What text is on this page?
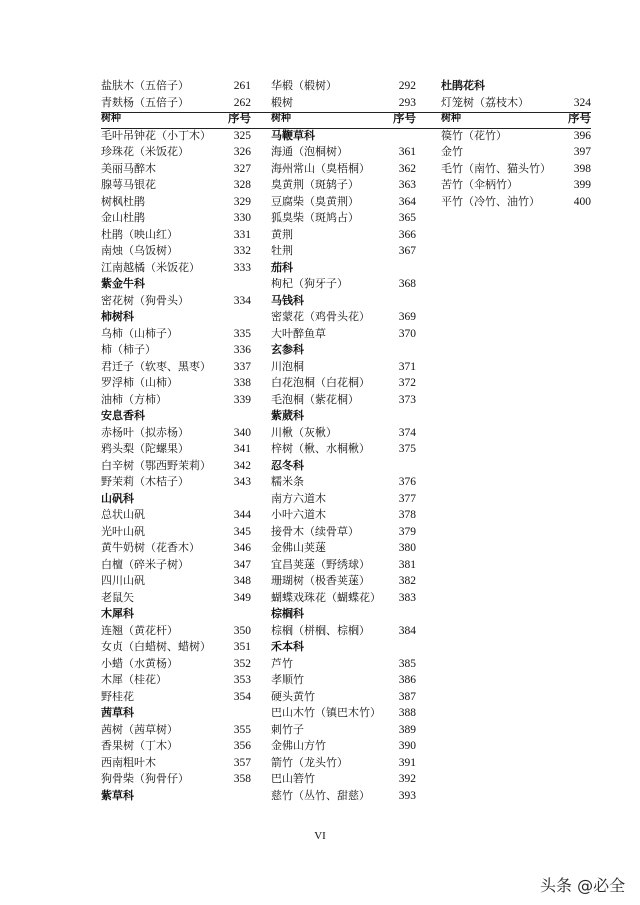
盐肤木（五倍子）	261
青麸杨（五倍子）	262
树种	序号
毛叶吊钟花（小丁木） 325
珍珠花（米饭花）	326
美丽马醉木	327
腺萼马银花	328
树枫杜鹃	329
金山杜鹃	330
杜鹃（映山红）	331
南烛（乌饭树）	332
江南越橘（米饭花）	333
紫金牛科
密花树（狗骨头）	334
柿树科
乌柿（山柿子）	335
柿（柿子）	336
君迁子（软枣、黑枣） 337
罗浮柿（山柿）	338
油柿（方柿）	339
安息香科
赤杨叶（拟赤杨）	340
鸦头梨（陀螺果）	341
白辛树（鄂西野茉莉） 342
野茉莉（木桔子）	343
山矾科
总状山矾	344
光叶山矾	345
黄牛奶树（花香木）	346
白檀（碎米子树）	347
四川山矾	348
老鼠矢	349
木犀科
连翘（黄花杆）	350
女贞（白蜡树、蜡树） 351
小蜡（水黄杨）	352
木犀（桂花）	353
野桂花	354
茜草科
茜树（茜草树）	355
香果树（丁木）	356
西南粗叶木	357
狗骨柴（狗骨仔）	358
紫草科
华椴（椴树）	292
椴树	293
树种	序号
马鞭草科
海通（泡桐树）	361
海州常山（臭梧桐）	362
臭黄荆（斑鸫子）	363
豆腐柴（臭黄荆）	364
狐臭柴（斑鸠占）	365
黄荆	366
牡荆	367
茄科
枸杞（狗牙子）	368
马钱科
密蒙花（鸡骨头花）	369
大叶醉鱼草	370
玄参科
川泡桐	371
白花泡桐（白花桐）	372
毛泡桐（紫花桐）	373
紫葳科
川楸（灰楸）	374
梓树（楸、水桐楸）	375
忍冬科
糯米条	376
南方六道木	377
小叶六道木	378
接骨木（续骨草）	379
金佛山荚蒾	380
宜昌荚蒾（野绣球）	381
珊瑚树（极香荚蒾）	382
蝴蝶戏珠花（蝴蝶花） 383
棕榈科
棕榈（栟榈、棕榈）	384
禾本科
芦竹	385
孝顺竹	386
硬头黄竹	387
巴山木竹（镇巴木竹） 388
刺竹子	389
金佛山方竹	390
箭竹（龙头竹）	391
巴山箬竹	392
慈竹（丛竹、甜慈）	393
杜鹃花科
灯笼树（荔枝木）	324
树种	序号
篌竹（花竹）	396
金竹	397
毛竹（南竹、猫头竹） 398
苦竹（伞柄竹）	399
平竹（冷竹、油竹）	400
VI
头条 @必全
